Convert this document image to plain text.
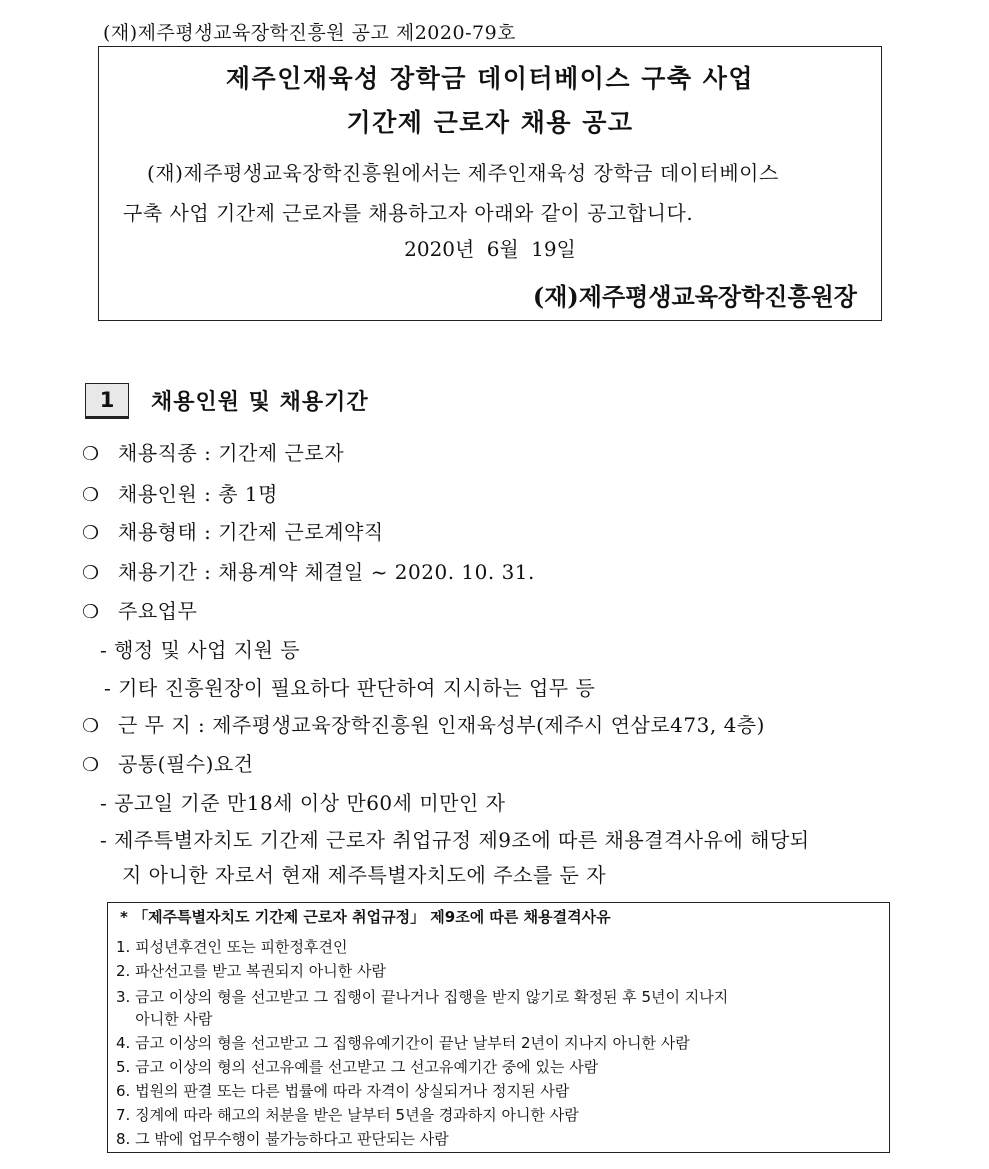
(재)제주평생교육장학진흥원 공고 제2020-79호
제주인재육성 장학금 데이터베이스 구축 사업
기간제 근로자 채용 공고
(재)제주평생교육장학진흥원에서는 제주인재육성 장학금 데이터베이스
구축 사업 기간제 근로자를 채용하고자 아래와 같이 공고합니다.
2020년 6월 19일
(재)제주평생교육장학진흥원장
1	채용인원 및 채용기간
❍ 채용직종 : 기간제 근로자
❍ 채용인원 : 총 1명
❍ 채용형태 : 기간제 근로계약직
❍ 채용기간 : 채용계약 체결일 ~ 2020. 10. 31.
❍ 주요업무
- 행정 및 사업 지원 등
- 기타 진흥원장이 필요하다 판단하여 지시하는 업무 등
❍ 근 무 지 : 제주평생교육장학진흥원 인재육성부(제주시 연삼로473, 4층)
❍ 공통(필수)요건
- 공고일 기준 만18세 이상 만60세 미만인 자
- 제주특별자치도 기간제 근로자 취업규정 제9조에 따른 채용결격사유에 해당되
지 아니한 자로서 현재 제주특별자치도에 주소를 둔 자
* 「제주특별자치도 기간제 근로자 취업규정」 제9조에 따른 채용결격사유
1. 피성년후견인 또는 피한정후견인
2. 파산선고를 받고 복권되지 아니한 사람
3. 금고 이상의 형을 선고받고 그 집행이 끝나거나 집행을 받지 않기로 확정된 후 5년이 지나지
아니한 사람
4. 금고 이상의 형을 선고받고 그 집행유예기간이 끝난 날부터 2년이 지나지 아니한 사람
5. 금고 이상의 형의 선고유예를 선고받고 그 선고유예기간 중에 있는 사람
6. 법원의 판결 또는 다른 법률에 따라 자격이 상실되거나 정지된 사람
7. 징계에 따라 해고의 처분을 받은 날부터 5년을 경과하지 아니한 사람
8. 그 밖에 업무수행이 불가능하다고 판단되는 사람
